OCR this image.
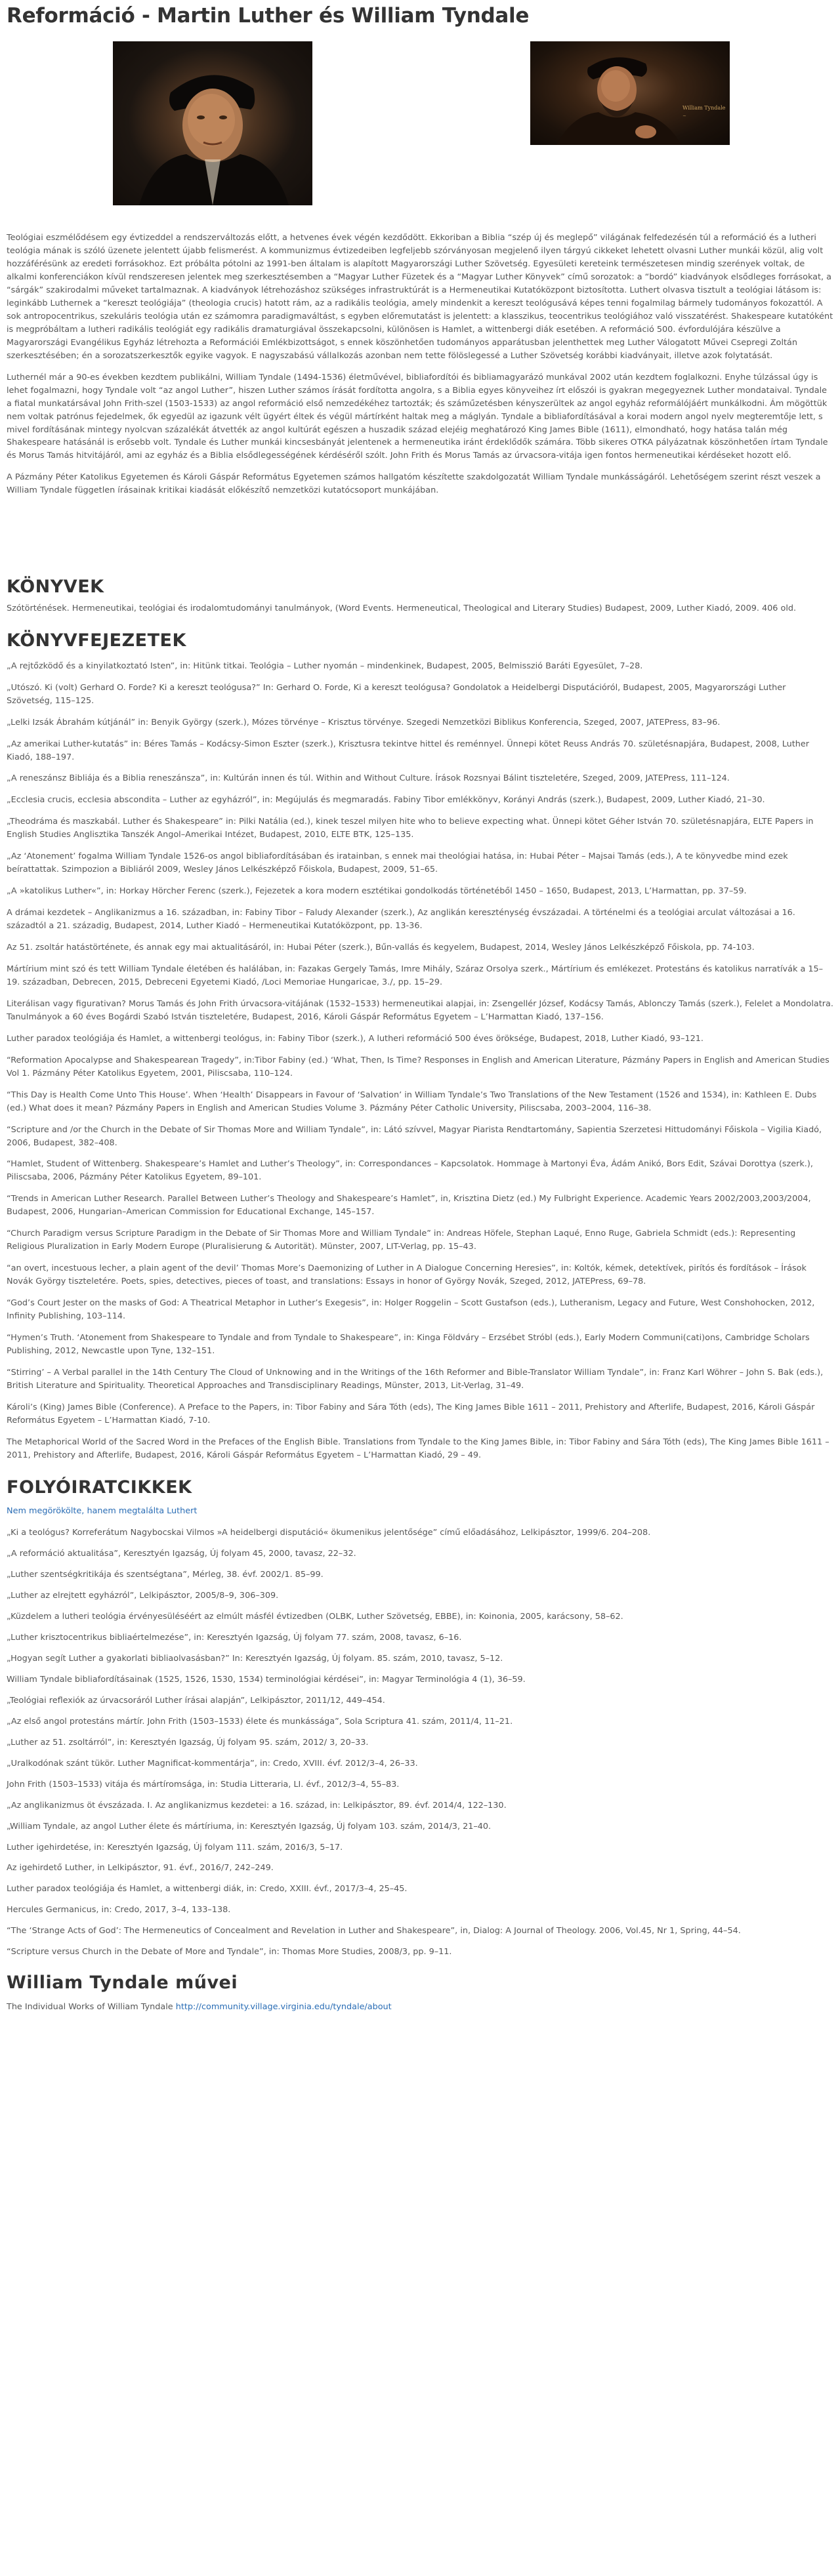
Reformáció - Martin Luther és William Tyndale
William Tyndale
~

Teológiai eszmélődésem egy évtizeddel a rendszerváltozás előtt, a hetvenes évek végén kezdődött. Ekkoriban a Biblia “szép új és meglepő” világának felfedezésén túl a reformáció és a lutheri teológia mának is szóló üzenete jelentett újabb felismerést. A kommunizmus évtizedeiben legfeljebb szórványosan megjelenő ilyen tárgyú cikkeket lehetett olvasni Luther munkái közül, alig volt hozzáférésünk az eredeti forrásokhoz. Ezt próbálta pótolni az 1991-ben általam is alapított Magyarországi Luther Szövetség. Egyesületi kereteink természetesen mindig szerények voltak, de alkalmi konferenciákon kívül rendszeresen jelentek meg szerkesztésemben a “Magyar Luther Füzetek és a “Magyar Luther Könyvek” című sorozatok: a “bordó” kiadványok elsődleges forrásokat, a “sárgák” szakirodalmi műveket tartalmaznak. A kiadványok létrehozáshoz szükséges infrastruktúrát is a Hermeneutikai Kutatóközpont biztosította. Luthert olvasva tisztult a teológiai látásom is: leginkább Luthernek a “kereszt teológiája” (theologia crucis) hatott rám, az a radikális teológia, amely mindenkit a kereszt teológusává képes tenni fogalmilag bármely tudományos fokozattól. A sok antropocentrikus, szekuláris teológia után ez számomra paradigmaváltást, s egyben előremutatást is jelentett: a klasszikus, teocentrikus teológiához való visszatérést. Shakespeare kutatóként is megpróbáltam a lutheri radikális teológiát egy radikális dramaturgiával összekapcsolni, különösen is Hamlet, a wittenbergi diák esetében. A reformáció 500. évfordulójára készülve a Magyarországi Evangélikus Egyház létrehozta a Reformációi Emlékbizottságot, s ennek köszönhetően tudományos apparátusban jelenthettek meg Luther Válogatott Művei Csepregi Zoltán szerkesztésében; én a sorozatszerkesztők egyike vagyok. E nagyszabású vállalkozás azonban nem tette fölöslegessé a Luther Szövetség korábbi kiadványait, illetve azok folytatását.

Luthernél már a 90-es években kezdtem publikálni, William Tyndale (1494-1536) életművével, bibliafordítói és bibliamagyarázó munkával 2002 után kezdtem foglalkozni. Enyhe túlzással úgy is lehet fogalmazni, hogy Tyndale volt “az angol Luther”, hiszen Luther számos írását fordította angolra, s a Biblia egyes könyveihez írt előszói is gyakran megegyeznek Luther mondataival. Tyndale a fiatal munkatársával John Frith-szel (1503-1533) az angol reformáció első nemzedékéhez tartozták; és száműzetésben kényszerültek az angol egyház reformálójáért munkálkodni. Ám mögöttük nem voltak patrónus fejedelmek, ők egyedül az igazunk vélt ügyért éltek és végül mártírként haltak meg a máglyán. Tyndale a bibliafordításával a korai modern angol nyelv megteremtője lett, s mivel fordításának mintegy nyolcvan százalékát átvették az angol kultúrát egészen a huszadik század elejéig meghatározó King James Bible (1611), elmondható, hogy hatása talán még Shakespeare hatásánál is erősebb volt. Tyndale és Luther munkái kincsesbányát jelentenek a hermeneutika iránt érdeklődők számára. Több sikeres OTKA pályázatnak köszönhetően írtam Tyndale és Morus Tamás hitvitájáról, ami az egyház és a Biblia elsődlegességének kérdéséről szólt. John Frith és Morus Tamás az úrvacsora-vitája igen fontos hermeneutikai kérdéseket hozott elő.

A Pázmány Péter Katolikus Egyetemen és Károli Gáspár Református Egyetemen számos hallgatóm készítette szakdolgozatát William Tyndale munkásságáról. Lehetőségem szerint részt veszek a William Tyndale független írásainak kritikai kiadását előkészítő nemzetközi kutatócsoport munkájában.

KÖNYVEK

Szótörténések. Hermeneutikai, teológiai és irodalomtudományi tanulmányok, (Word Events. Hermeneutical, Theological and Literary Studies) Budapest, 2009, Luther Kiadó, 2009. 406 old.

KÖNYVFEJEZETEK

„A rejtőzködő és a kinyilatkoztató Isten”, in: Hitünk titkai. Teológia – Luther nyomán – mindenkinek, Budapest, 2005, Belmisszió Baráti Egyesület, 7–28.

„Utószó. Ki (volt) Gerhard O. Forde? Ki a kereszt teológusa?” In: Gerhard O. Forde, Ki a kereszt teológusa? Gondolatok a Heidelbergi Disputációról, Budapest, 2005, Magyarországi Luther Szövetség, 115–125.

„Lelki Izsák Ábrahám kútjánál” in: Benyik György (szerk.), Mózes törvénye – Krisztus törvénye. Szegedi Nemzetközi Biblikus Konferencia, Szeged, 2007, JATEPress, 83–96.

„Az amerikai Luther-kutatás” in: Béres Tamás – Kodácsy-Simon Eszter (szerk.), Krisztusra tekintve hittel és reménnyel. Ünnepi kötet Reuss András 70. születésnapjára, Budapest, 2008, Luther Kiadó, 188–197.

„A reneszánsz Bibliája és a Biblia reneszánsza”, in: Kultúrán innen és túl. Within and Without Culture. Írások Rozsnyai Bálint tiszteletére, Szeged, 2009, JATEPress, 111–124.

„Ecclesia crucis, ecclesia absconditа – Luther az egyházról”, in: Megújulás és megmaradás. Fabiny Tibor emlékkönyv, Korányi András (szerk.), Budapest, 2009, Luther Kiadó, 21–30.

„Theodráma és maszkabál. Luther és Shakespeare” in: Pilki Natália (ed.), kinek teszel milyen hite who to believe expecting what. Ünnepi kötet Géher István 70. születésnapjára, ELTE Papers in English Studies Anglisztika Tanszék Angol–Amerikai Intézet, Budapest, 2010, ELTE BTK, 125–135.

„Az ‘Atonement’ fogalma William Tyndale 1526-os angol bibliafordításában és iratainban, s ennek mai theológiai hatása, in: Hubai Péter – Majsai Tamás (eds.), A te könyvedbe mind ezek beírattattak. Szimpozion a Bibliáról 2009, Wesley János Lelkészképző Főiskola, Budapest, 2009, 51–65.

„A »katolikus Luther«”, in: Horkay Hörcher Ferenc (szerk.), Fejezetek a kora modern esztétikai gondolkodás történetéből 1450 – 1650, Budapest, 2013, L’Harmattan, pp. 37–59.

A drámai kezdetek – Anglikanizmus a 16. században, in: Fabiny Tibor – Faludy Alexander (szerk.), Az anglikán kereszténység évszázadai. A történelmi és a teológiai arculat változásai a 16. századtól a 21. századig, Budapest, 2014, Luther Kiadó – Hermeneutikai Kutatóközpont, pp. 13-36.

Az 51. zsoltár hatástörténete, és annak egy mai aktualitásáról, in: Hubai Péter (szerk.), Bűn-vallás és kegyelem, Budapest, 2014, Wesley János Lelkészképző Főiskola, pp. 74-103.

Mártírium mint szó és tett William Tyndale életében és halálában, in: Fazakas Gergely Tamás, Imre Mihály, Száraz Orsolya szerk., Mártírium és emlékezet. Protestáns és katolikus narratívák a 15–19. században, Debrecen, 2015, Debreceni Egyetemi Kiadó, /Loci Memoriae Hungaricae, 3./, pp. 15–29.

Literálisan vagy figurativan? Morus Tamás és John Frith úrvacsora-vitájának (1532–1533) hermeneutikai alapjai, in: Zsengellér József, Kodácsy Tamás, Ablonczy Tamás (szerk.), Felelet a Mondolatra. Tanulmányok a 60 éves Bogárdi Szabó István tiszteletére, Budapest, 2016, Károli Gáspár Református Egyetem – L’Harmattan Kiadó, 137–156.

Luther paradox teológiája és Hamlet, a wittenbergi teológus, in: Fabiny Tibor (szerk.), A lutheri reformáció 500 éves öröksége, Budapest, 2018, Luther Kiadó, 93–121.

“Reformation Apocalypse and Shakespearean Tragedy”, in:Tibor Fabiny (ed.) ‘What, Then, Is Time? Responses in English and American Literature, Pázmány Papers in English and American Studies Vol 1. Pázmány Péter Katolikus Egyetem, 2001, Piliscsaba, 110–124.

“This Day is Health Come Unto This House’. When ‘Health’ Disappears in Favour of ‘Salvation’ in William Tyndale’s Two Translations of the New Testament (1526 and 1534), in: Kathleen E. Dubs (ed.) What does it mean? Pázmány Papers in English and American Studies Volume 3. Pázmány Péter Catholic University, Piliscsaba, 2003–2004, 116–38.

“Scripture and /or the Church in the Debate of Sir Thomas More and William Tyndale”, in: Látó szívvel, Magyar Piarista Rendtartomány, Sapientia Szerzetesi Hittudományi Főiskola – Vigilia Kiadó, 2006, Budapest, 382–408.

“Hamlet, Student of Wittenberg. Shakespeare’s Hamlet and Luther’s Theology”, in: Correspondances – Kapcsolatok. Hommage à Martonyi Éva, Ádám Anikó, Bors Edit, Szávai Dorottya (szerk.), Piliscsaba, 2006, Pázmány Péter Katolikus Egyetem, 89–101.

“Trends in American Luther Research. Parallel Between Luther’s Theology and Shakespeare’s Hamlet”, in, Krisztina Dietz (ed.) My Fulbright Experience. Academic Years 2002/2003,2003/2004, Budapest, 2006, Hungarian–American Commission for Educational Exchange, 145–157.

“Church Paradigm versus Scripture Paradigm in the Debate of Sir Thomas More and William Tyndale” in: Andreas Höfele, Stephan Laqué, Enno Ruge, Gabriela Schmidt (eds.): Representing Religious Pluralization in Early Modern Europe (Pluralisierung & Autorität). Münster, 2007, LIT-Verlag, pp. 15–43.

“an overt, incestuous lecher, a plain agent of the devil’ Thomas More’s Daemonizing of Luther in A Dialogue Concerning Heresies”, in: Koltók, kémek, detektívek, pirítós és fordítások – Írások Novák György tiszteletére. Poets, spies, detectives, pieces of toast, and translations: Essays in honor of György Novák, Szeged, 2012, JATEPress, 69–78.

“God’s Court Jester on the masks of God: A Theatrical Metaphor in Luther’s Exegesis”, in: Holger Roggelin – Scott Gustafson (eds.), Lutheranism, Legacy and Future, West Conshohocken, 2012, Infinity Publishing, 103–114.

“Hymen’s Truth. ‘Atonement from Shakespeare to Tyndale and from Tyndale to Shakespeare”, in: Kinga Földváry – Erzsébet Stróbl (eds.), Early Modern Communi(cati)ons, Cambridge Scholars Publishing, 2012, Newcastle upon Tyne, 132–151.

“Stirring’ – A Verbal parallel in the 14th Century The Cloud of Unknowing and in the Writings of the 16th Reformer and Bible-Translator William Tyndale”, in: Franz Karl Wöhrer – John S. Bak (eds.), British Literature and Spirituality. Theoretical Approaches and Transdisciplinary Readings, Münster, 2013, Lit-Verlag, 31–49.

Károli’s (King) James Bible (Conference). A Preface to the Papers, in: Tibor Fabiny and Sára Tóth (eds), The King James Bible 1611 – 2011, Prehistory and Afterlife, Budapest, 2016, Károli Gáspár Református Egyetem – L’Harmattan Kiadó, 7-10.

The Metaphorical World of the Sacred Word in the Prefaces of the English Bible. Translations from Tyndale to the King James Bible, in: Tibor Fabiny and Sára Tóth (eds), The King James Bible 1611 – 2011, Prehistory and Afterlife, Budapest, 2016, Károli Gáspár Református Egyetem – L’Harmattan Kiadó, 29 – 49.

FOLYÓIRATCIKKEK

Nem megörökölte, hanem megtalálta Luthert

„Ki a teológus? Korreferátum Nagybocskai Vilmos »A heidelbergi disputáció« ökumenikus jelentősége” című előadásához, Lelkipásztor, 1999/6. 204–208.

„A reformáció aktualitása”, Keresztyén Igazság, Új folyam 45, 2000, tavasz, 22–32.

„Luther szentségkritikája és szentségtana”, Mérleg, 38. évf. 2002/1. 85–99.

„Luther az elrejtett egyházról”, Lelkipásztor, 2005/8–9, 306–309.

„Küzdelem a lutheri teológia érvényesüléséért az elmúlt másfél évtizedben (OLBK, Luther Szövetség, EBBE), in: Koinonia, 2005, karácsony, 58–62.

„Luther krisztocentrikus bibliaértelmezése”, in: Keresztyén Igazság, Új folyam 77. szám, 2008, tavasz, 6–16.

„Hogyan segít Luther a gyakorlati bibliaolvasásban?” In: Keresztyén Igazság, Új folyam. 85. szám, 2010, tavasz, 5–12.

William Tyndale bibliafordításainak (1525, 1526, 1530, 1534) terminológiai kérdései”, in: Magyar Terminológia 4 (1), 36–59.

„Teológiai reflexiók az úrvacsoráról Luther írásai alapján”, Lelkipásztor, 2011/12, 449–454.

„Az első angol protestáns mártír. John Frith (1503–1533) élete és munkássága”, Sola Scriptura 41. szám, 2011/4, 11–21.

„Luther az 51. zsoltárról”, in: Keresztyén Igazság, Új folyam 95. szám, 2012/ 3, 20–33.

„Uralkodónak szánt tükör. Luther Magnificat-kommentárja”, in: Credo, XVIII. évf. 2012/3–4, 26–33.

John Frith (1503–1533) vitája és mártíromsága, in: Studia Litteraria, LI. évf., 2012/3–4, 55–83.

„Az anglikanizmus öt évszázada. I. Az anglikanizmus kezdetei: a 16. század, in: Lelkipásztor, 89. évf. 2014/4, 122–130.

„William Tyndale, az angol Luther élete és mártíriuma, in: Keresztyén Igazság, Új folyam 103. szám, 2014/3, 21–40.

Luther igehirdetése, in: Keresztyén Igazság, Új folyam 111. szám, 2016/3, 5–17.

Az igehirdető Luther, in Lelkipásztor, 91. évf., 2016/7, 242–249.

Luther paradox teológiája és Hamlet, a wittenbergi diák, in: Credo, XXIII. évf., 2017/3–4, 25–45.

Hercules Germanicus, in: Credo, 2017, 3–4, 133–138.

“The ‘Strange Acts of God’: The Hermeneutics of Concealment and Revelation in Luther and Shakespeare”, in, Dialog: A Journal of Theology. 2006, Vol.45, Nr 1, Spring, 44–54.

“Scripture versus Church in the Debate of More and Tyndale”, in: Thomas More Studies, 2008/3, pp. 9–11.

William Tyndale művei

The Individual Works of William Tyndale http://community.village.virginia.edu/tyndale/about
